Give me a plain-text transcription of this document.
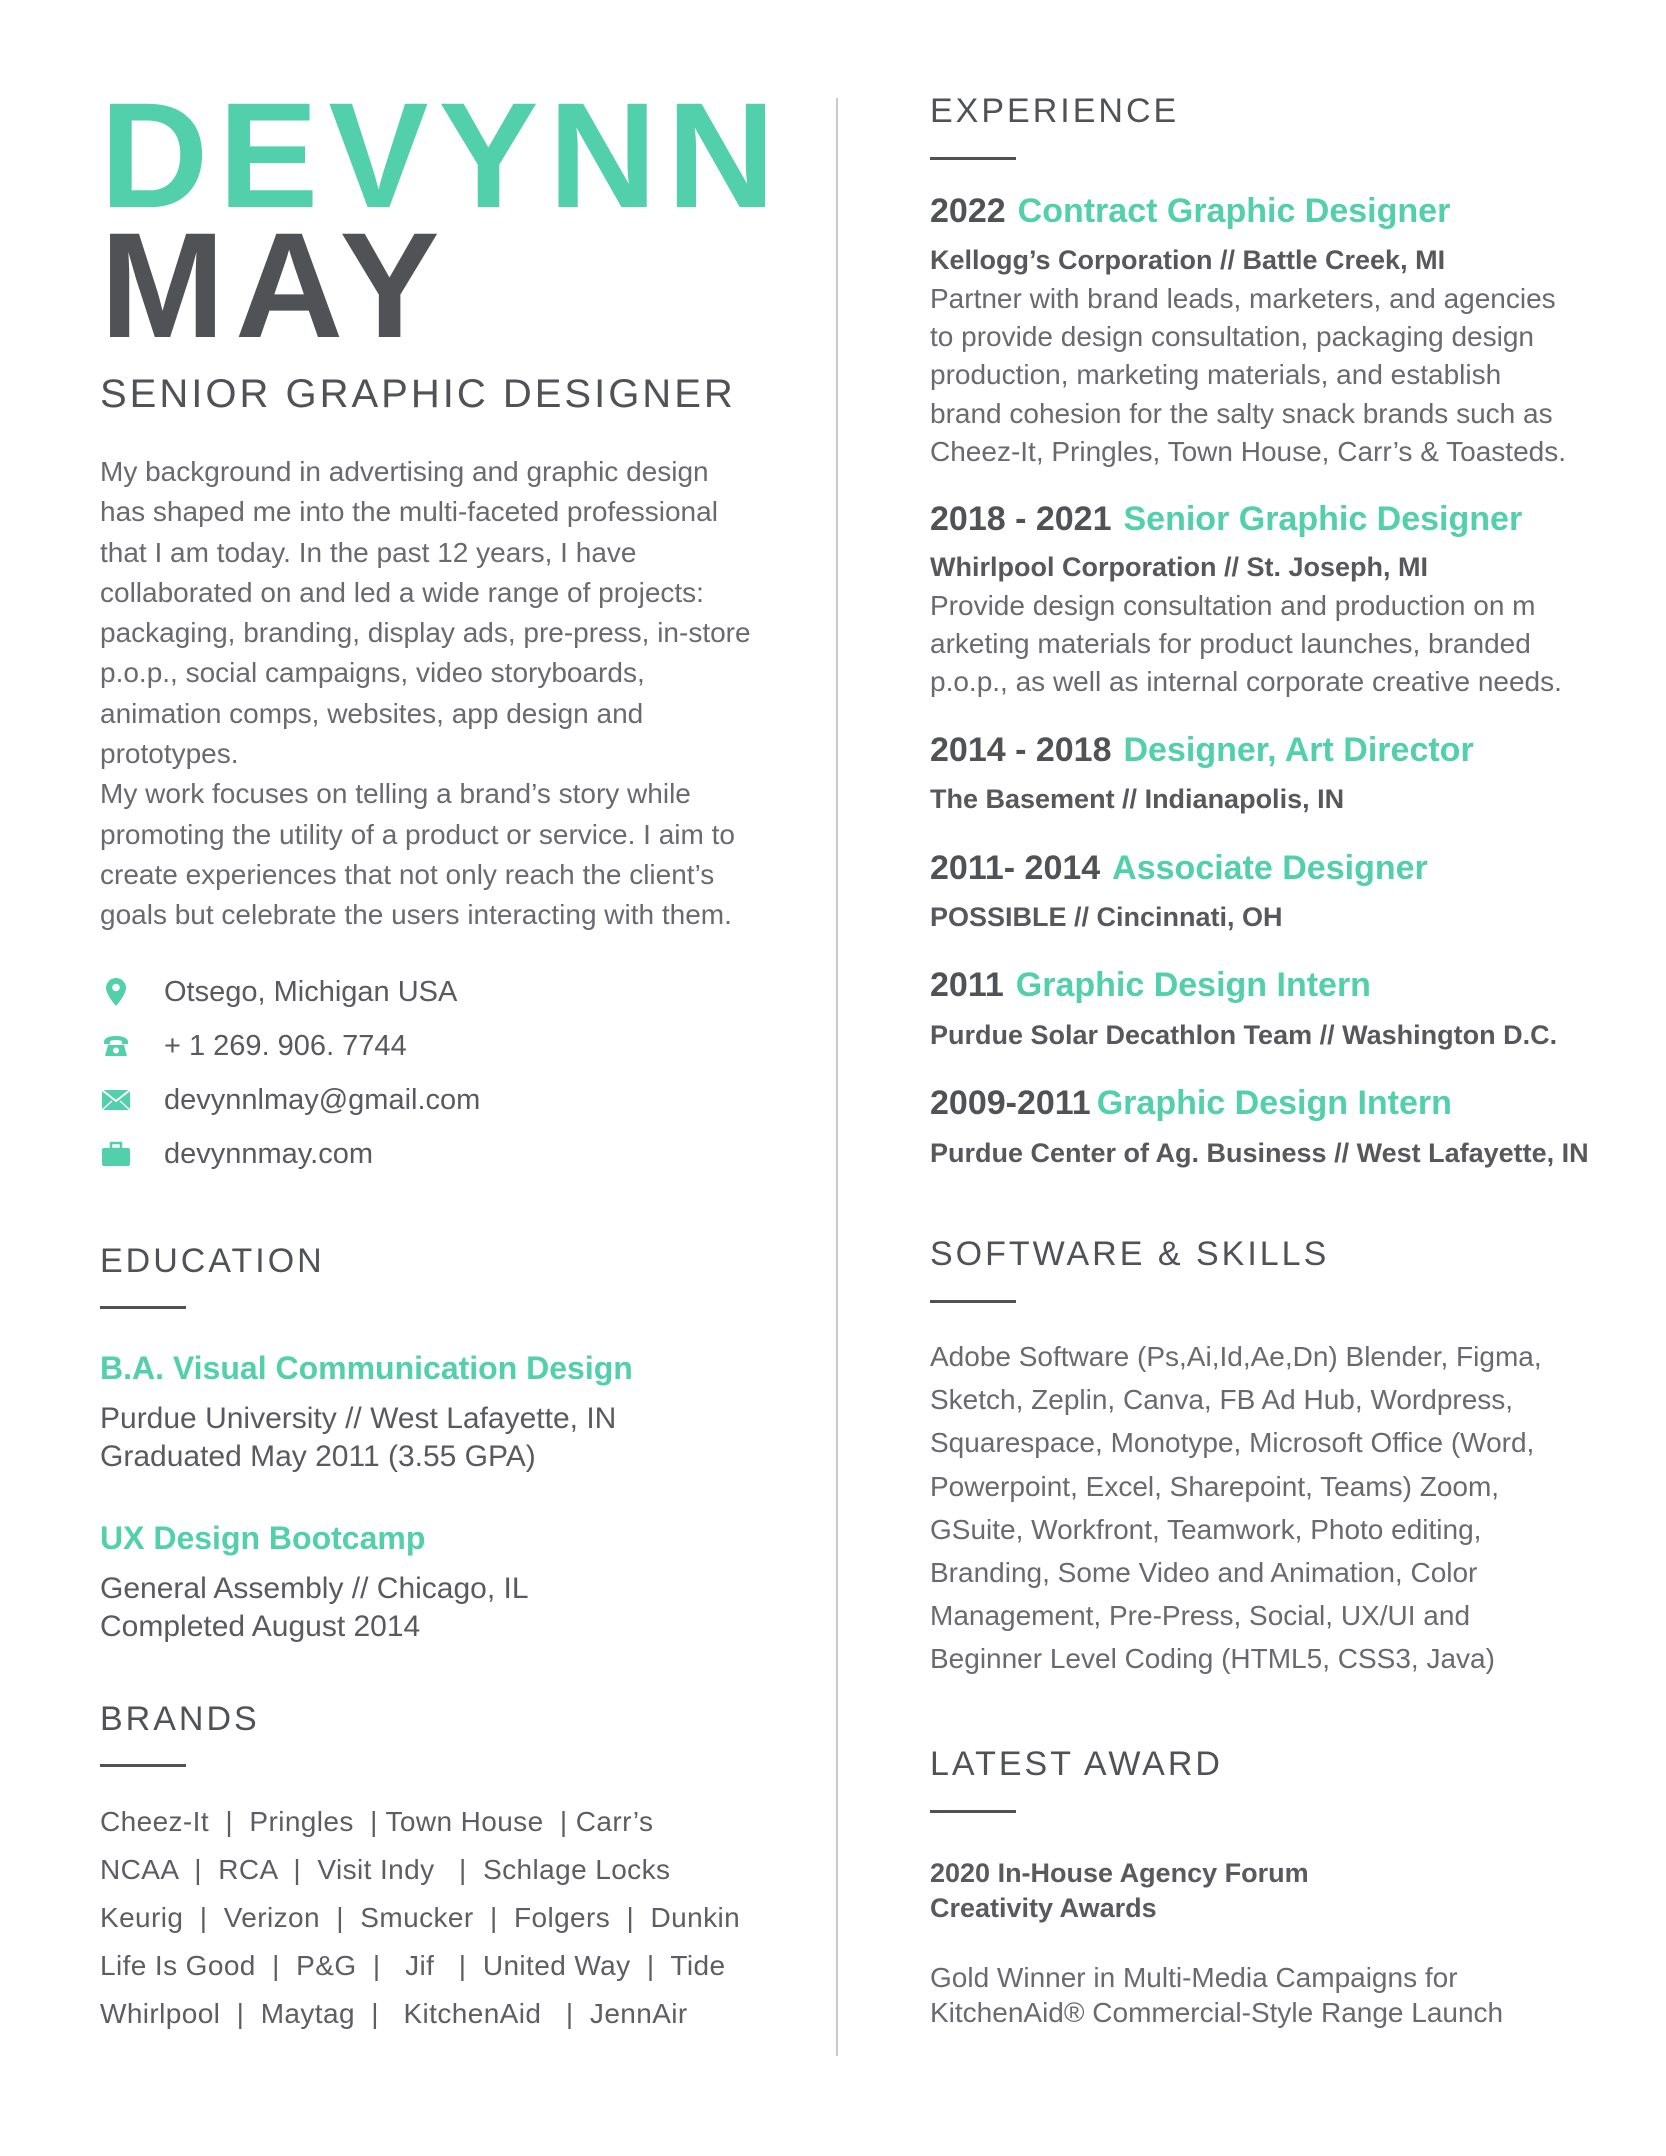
DEVYNN
MAY
SENIOR GRAPHIC DESIGNER

My background in advertising and graphic design has shaped me into the multi-faceted professional that I am today. In the past 12 years, I have collaborated on and led a wide range of projects: packaging, branding, display ads, pre-press, in-store p.o.p., social campaigns, video storyboards, animation comps, websites, app design and prototypes.

My work focuses on telling a brand’s story while promoting the utility of a product or service. I aim to create experiences that not only reach the client’s goals but celebrate the users interacting with them.

Otsego, Michigan USA
+ 1 269. 906. 7744
devynnlmay@gmail.com
devynnmay.com
EDUCATION
B.A. Visual Communication Design
Purdue University // West Lafayette, IN
Graduated May 2011 (3.55 GPA)
UX Design Bootcamp
General Assembly // Chicago, IL
Completed August 2014
BRANDS
Cheez-It  |  Pringles  | Town House  | Carr’s
NCAA  |  RCA  |  Visit Indy   |  Schlage Locks
Keurig  |  Verizon  |  Smucker  |  Folgers  |  Dunkin
Life Is Good  |  P&G  |   Jif   |  United Way  |  Tide
Whirlpool  |  Maytag  |   KitchenAid   |  JennAir
EXPERIENCE
2022 Contract Graphic Designer
Kellogg’s Corporation // Battle Creek, MI

Partner with brand leads, marketers, and agencies to provide design consultation, packaging design production, marketing materials, and establish brand cohesion for the salty snack brands such as Cheez-It, Pringles, Town House, Carr’s & Toasteds.

2018 - 2021 Senior Graphic Designer
Whirlpool Corporation // St. Joseph, MI

Provide design consultation and production on m arketing materials for product launches, branded p.o.p., as well as internal corporate creative needs.

2014 - 2018 Designer, Art Director
The Basement // Indianapolis, IN
2011- 2014 Associate Designer
POSSIBLE // Cincinnati, OH
2011 Graphic Design Intern
Purdue Solar Decathlon Team // Washington D.C.
2009-2011 Graphic Design Intern
Purdue Center of Ag. Business // West Lafayette, IN
SOFTWARE & SKILLS

Adobe Software (Ps,Ai,Id,Ae,Dn) Blender, Figma, Sketch, Zeplin, Canva, FB Ad Hub, Wordpress, Squarespace, Monotype, Microsoft Office (Word, Powerpoint, Excel, Sharepoint, Teams) Zoom, GSuite, Workfront, Teamwork, Photo editing, Branding, Some Video and Animation, Color Management, Pre-Press, Social, UX/UI and Beginner Level Coding (HTML5, CSS3, Java)

LATEST AWARD
2020 In-House Agency Forum
Creativity Awards
Gold Winner in Multi-Media Campaigns for
KitchenAid® Commercial-Style Range Launch
